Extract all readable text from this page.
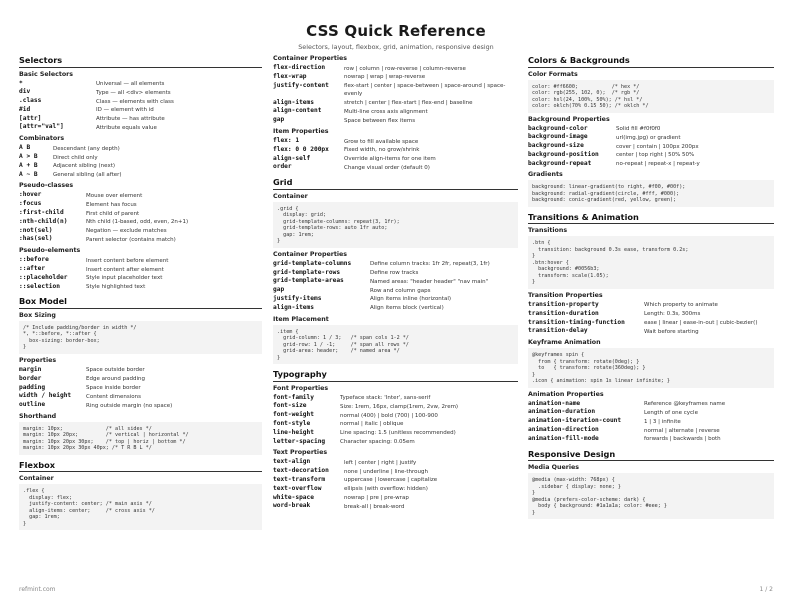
CSS Quick Reference
Selectors, layout, flexbox, grid, animation, responsive design
Selectors
Basic Selectors
*	Universal — all elements
div	Type — all <div> elements
.class	Class — elements with class
#id	ID — element with id
[attr]	Attribute — has attribute
[attr="val"]	Attribute equals value
Combinators
A B	Descendant (any depth)
A > B	Direct child only
A + B	Adjacent sibling (next)
A ~ B	General sibling (all after)
Pseudo-classes
:hover	Mouse over element
:focus	Element has focus
:first-child	First child of parent
:nth-child(n)	Nth child (1-based, odd, even, 2n+1)
:not(sel)	Negation — exclude matches
:has(sel)	Parent selector (contains match)
Pseudo-elements
::before	Insert content before element
::after	Insert content after element
::placeholder	Style input placeholder text
::selection	Style highlighted text
Box Model
Box Sizing
/* Include padding/border in width */
*, *::before, *::after {
box-sizing: border-box;
}
Properties
margin	Space outside border
border	Edge around padding
padding	Space inside border
width / height	Content dimensions
outline	Ring outside margin (no space)
Shorthand
margin: 10px;              /* all sides */
margin: 10px 20px;         /* vertical | horizontal */
margin: 10px 20px 30px;    /* top | horiz | bottom */
margin: 10px 20px 30px 40px; /* T R B L */
Flexbox
Container
.flex {
display: flex;
justify-content: center; /* main axis */
align-items: center;     /* cross axis */
gap: 1rem;
}
Container Properties
flex-direction	row | column | row-reverse | column-reverse
flex-wrap	nowrap | wrap | wrap-reverse
justify-content	flex-start | center | space-between | space-around | space-evenly
align-items	stretch | center | flex-start | flex-end | baseline
align-content	Multi-line cross axis alignment
gap	Space between flex items
Item Properties
flex: 1	Grow to fill available space
flex: 0 0 200px	Fixed width, no grow/shrink
align-self	Override align-items for one item
order	Change visual order (default 0)
Grid
Container
.grid {
display: grid;
grid-template-columns: repeat(3, 1fr);
grid-template-rows: auto 1fr auto;
gap: 1rem;
}
Container Properties
grid-template-columns	Define column tracks: 1fr 2fr, repeat(3, 1fr)
grid-template-rows	Define row tracks
grid-template-areas	Named areas: "header header" "nav main"
gap	Row and column gaps
justify-items	Align items inline (horizontal)
align-items	Align items block (vertical)
Item Placement
.item {
grid-column: 1 / 3;   /* span cols 1-2 */
grid-row: 1 / -1;     /* span all rows */
grid-area: header;    /* named area */
}
Typography
Font Properties
font-family	Typeface stack: 'Inter', sans-serif
font-size	Size: 1rem, 16px, clamp(1rem, 2vw, 2rem)
font-weight	normal (400) | bold (700) | 100-900
font-style	normal | italic | oblique
line-height	Line spacing: 1.5 (unitless recommended)
letter-spacing	Character spacing: 0.05em
Text Properties
text-align	left | center | right | justify
text-decoration	none | underline | line-through
text-transform	uppercase | lowercase | capitalize
text-overflow	ellipsis (with overflow: hidden)
white-space	nowrap | pre | pre-wrap
word-break	break-all | break-word
Colors & Backgrounds
Color Formats
color: #ff6600;           /* hex */
color: rgb(255, 102, 0);  /* rgb */
color: hsl(24, 100%, 50%); /* hsl */
color: oklch(70% 0.15 50); /* oklch */
Background Properties
background-color	Solid fill #f0f0f0
background-image	url(img.jpg) or gradient
background-size	cover | contain | 100px 200px
background-position	center | top right | 50% 50%
background-repeat	no-repeat | repeat-x | repeat-y
Gradients
background: linear-gradient(to right, #f00, #00f);
background: radial-gradient(circle, #fff, #000);
background: conic-gradient(red, yellow, green);
Transitions & Animation
Transitions
.btn {
transition: background 0.3s ease, transform 0.2s;
}
.btn:hover {
background: #0056b3;
transform: scale(1.05);
}
Transition Properties
transition-property	Which property to animate
transition-duration	Length: 0.3s, 300ms
transition-timing-function	ease | linear | ease-in-out | cubic-bezier()
transition-delay	Wait before starting
Keyframe Animation
@keyframes spin {
from { transform: rotate(0deg); }
to   { transform: rotate(360deg); }
}
.icon { animation: spin 1s linear infinite; }
Animation Properties
animation-name	Reference @keyframes name
animation-duration	Length of one cycle
animation-iteration-count	1 | 3 | infinite
animation-direction	normal | alternate | reverse
animation-fill-mode	forwards | backwards | both
Responsive Design
Media Queries
@media (max-width: 768px) {
.sidebar { display: none; }
}
@media (prefers-color-scheme: dark) {
body { background: #1a1a1a; color: #eee; }
}
refmint.com	1 / 2
